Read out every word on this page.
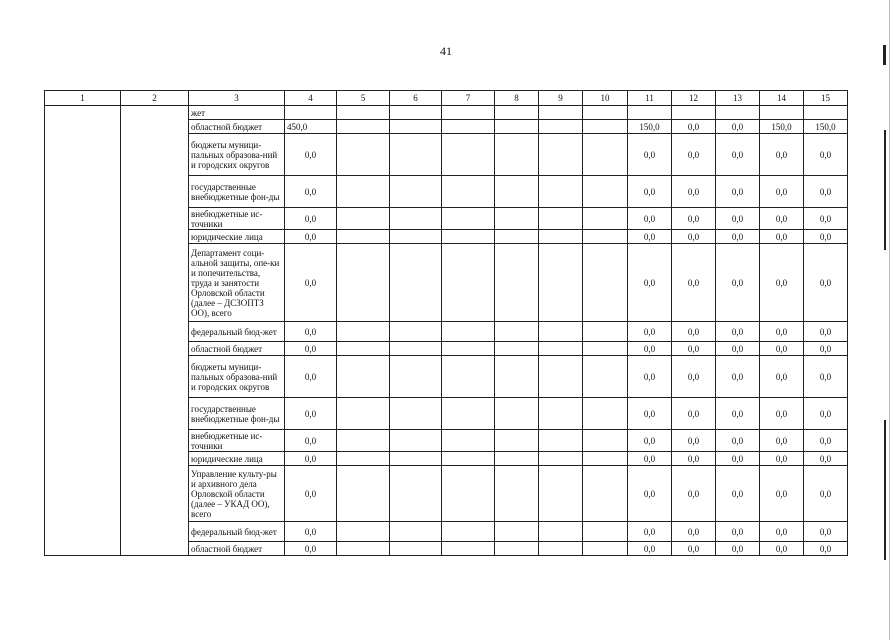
41
1	2	3	4	5	6	7	8	9	10	11	12	13	14	15
		жет												
		областной бюджет	450,0							150,0	0,0	0,0	150,0	150,0
		бюджеты муници-пальных образова-ний и городских округов	0,0							0,0	0,0	0,0	0,0	0,0
		государственные внебюджетные фон-ды	0,0							0,0	0,0	0,0	0,0	0,0
		внебюджетные ис-точники	0,0							0,0	0,0	0,0	0,0	0,0
		юридические лица	0,0							0,0	0,0	0,0	0,0	0,0
		Департамент соци-альной защиты, опе-ки и попечительства, труда и занятости Орловской области (далее – ДСЗОПТЗ ОО), всего	0,0							0,0	0,0	0,0	0,0	0,0
		федеральный бюд-жет	0,0							0,0	0,0	0,0	0,0	0,0
		областной бюджет	0,0							0,0	0,0	0,0	0,0	0,0
		бюджеты муници-пальных образова-ний и городских округов	0,0							0,0	0,0	0,0	0,0	0,0
		государственные внебюджетные фон-ды	0,0							0,0	0,0	0,0	0,0	0,0
		внебюджетные ис-точники	0,0							0,0	0,0	0,0	0,0	0,0
		юридические лица	0,0							0,0	0,0	0,0	0,0	0,0
		Управление культу-ры и архивного дела Орловской области (далее – УКАД ОО), всего	0,0							0,0	0,0	0,0	0,0	0,0
		федеральный бюд-жет	0,0							0,0	0,0	0,0	0,0	0,0
		областной бюджет	0,0							0,0	0,0	0,0	0,0	0,0
